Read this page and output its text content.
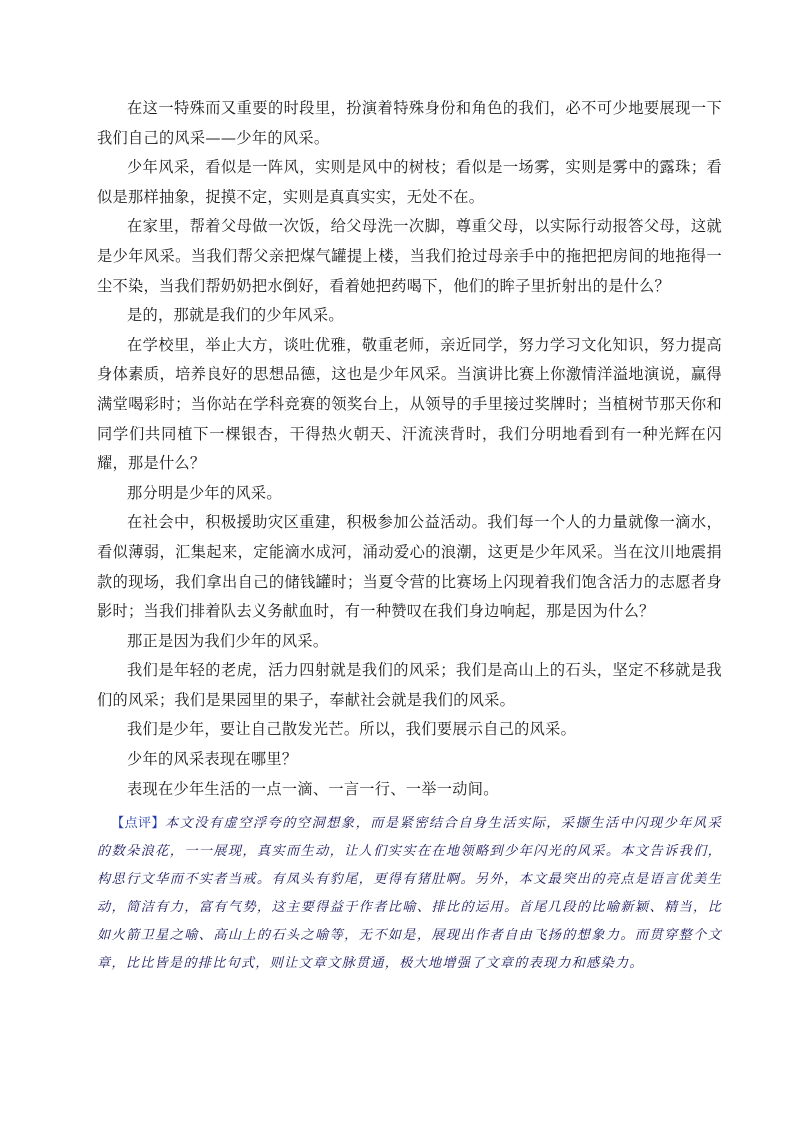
在这一特殊而又重要的时段里，扮演着特殊身份和角色的我们，必不可少地要展现一下我们自己的风采——少年的风采。

少年风采，看似是一阵风，实则是风中的树枝；看似是一场雾，实则是雾中的露珠；看似是那样抽象，捉摸不定，实则是真真实实，无处不在。

在家里，帮着父母做一次饭，给父母洗一次脚，尊重父母，以实际行动报答父母，这就是少年风采。当我们帮父亲把煤气罐提上楼，当我们抢过母亲手中的拖把把房间的地拖得一尘不染，当我们帮奶奶把水倒好，看着她把药喝下，他们的眸子里折射出的是什么？

是的，那就是我们的少年风采。

在学校里，举止大方，谈吐优雅，敬重老师，亲近同学，努力学习文化知识，努力提高身体素质，培养良好的思想品德，这也是少年风采。当演讲比赛上你激情洋溢地演说，赢得满堂喝彩时；当你站在学科竞赛的领奖台上，从领导的手里接过奖牌时；当植树节那天你和同学们共同植下一棵银杏，干得热火朝天、汗流浃背时，我们分明地看到有一种光辉在闪耀，那是什么？

那分明是少年的风采。

在社会中，积极援助灾区重建，积极参加公益活动。我们每一个人的力量就像一滴水，看似薄弱，汇集起来，定能滴水成河，涌动爱心的浪潮，这更是少年风采。当在汶川地震捐款的现场，我们拿出自己的储钱罐时；当夏令营的比赛场上闪现着我们饱含活力的志愿者身影时；当我们排着队去义务献血时，有一种赞叹在我们身边响起，那是因为什么？

那正是因为我们少年的风采。

我们是年轻的老虎，活力四射就是我们的风采；我们是高山上的石头，坚定不移就是我们的风采；我们是果园里的果子，奉献社会就是我们的风采。

我们是少年，要让自己散发光芒。所以，我们要展示自己的风采。

少年的风采表现在哪里？

表现在少年生活的一点一滴、一言一行、一举一动间。

【点评】本文没有虚空浮夸的空洞想象，而是紧密结合自身生活实际，采撷生活中闪现少年风采的数朵浪花，一一展现，真实而生动，让人们实实在在地领略到少年闪光的风采。本文告诉我们，构思行文华而不实者当戒。有凤头有豹尾，更得有猪肚啊。另外，本文最突出的亮点是语言优美生动，简洁有力，富有气势，这主要得益于作者比喻、排比的运用。首尾几段的比喻新颖、精当，比如火箭卫星之喻、高山上的石头之喻等，无不如是，展现出作者自由飞扬的想象力。而贯穿整个文章，比比皆是的排比句式，则让文章文脉贯通，极大地增强了文章的表现力和感染力。
